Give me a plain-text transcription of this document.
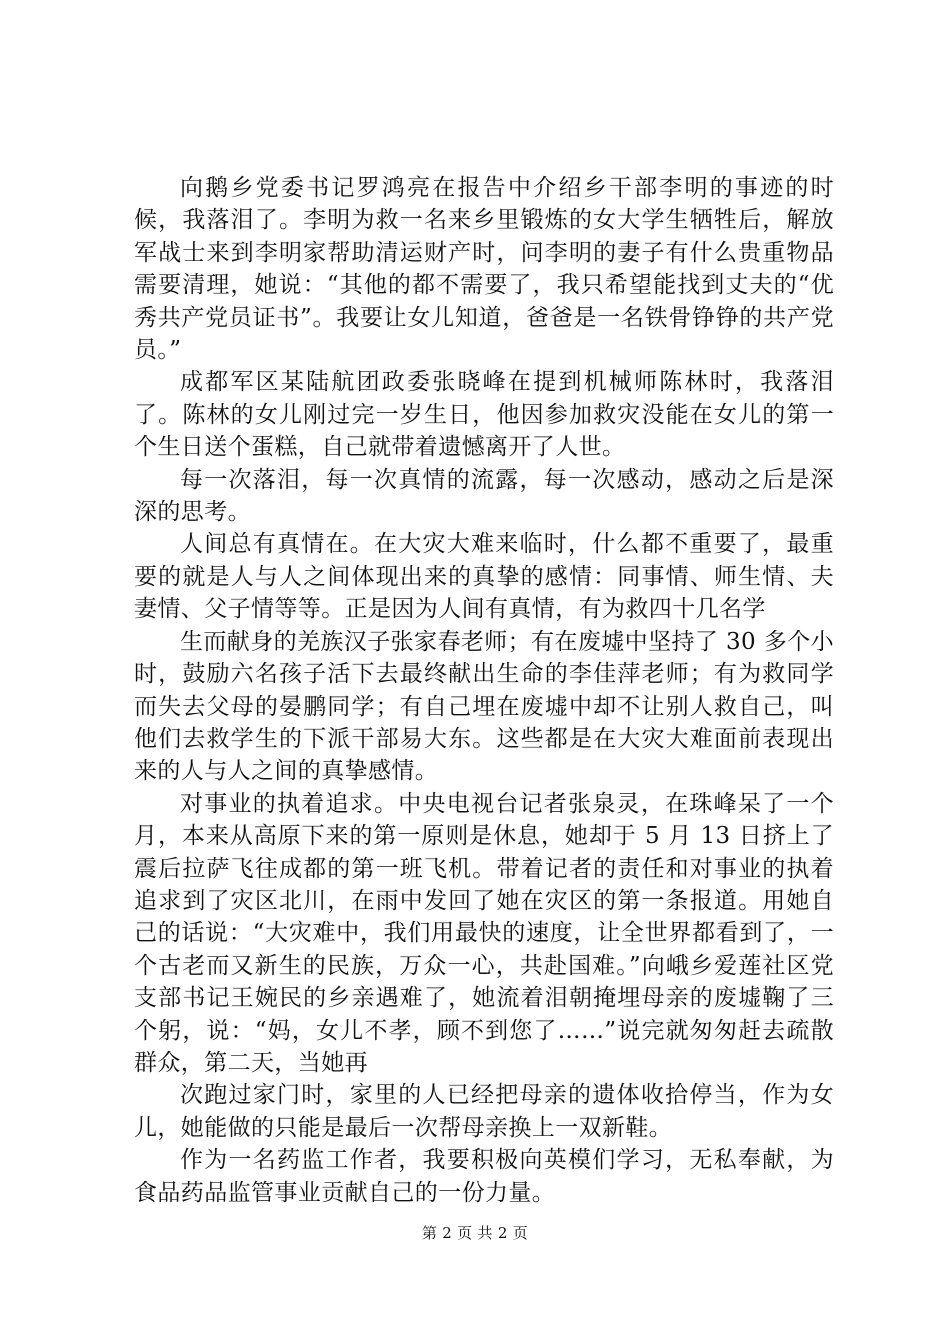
向鹅乡党委书记罗鸿亮在报告中介绍乡干部李明的事迹的时候，我落泪了。李明为救一名来乡里锻炼的女大学生牺牲后，解放军战士来到李明家帮助清运财产时，问李明的妻子有什么贵重物品需要清理，她说：“其他的都不需要了，我只希望能找到丈夫的“优秀共产党员证书”。我要让女儿知道，爸爸是一名铁骨铮铮的共产党员。”

成都军区某陆航团政委张晓峰在提到机械师陈林时，我落泪了。陈林的女儿刚过完一岁生日，他因参加救灾没能在女儿的第一个生日送个蛋糕，自己就带着遗憾离开了人世。

每一次落泪，每一次真情的流露，每一次感动，感动之后是深深的思考。

人间总有真情在。在大灾大难来临时，什么都不重要了，最重要的就是人与人之间体现出来的真挚的感情：同事情、师生情、夫妻情、父子情等等。正是因为人间有真情，有为救四十几名学

生而献身的羌族汉子张家春老师；有在废墟中坚持了 30 多个小时，鼓励六名孩子活下去最终献出生命的李佳萍老师；有为救同学而失去父母的晏鹏同学；有自己埋在废墟中却不让别人救自己，叫他们去救学生的下派干部易大东。这些都是在大灾大难面前表现出来的人与人之间的真挚感情。

对事业的执着追求。中央电视台记者张泉灵，在珠峰呆了一个月，本来从高原下来的第一原则是休息，她却于 5 月 13 日挤上了震后拉萨飞往成都的第一班飞机。带着记者的责任和对事业的执着追求到了灾区北川，在雨中发回了她在灾区的第一条报道。用她自己的话说：“大灾难中，我们用最快的速度，让全世界都看到了，一个古老而又新生的民族，万众一心，共赴国难。”向峨乡爱莲社区党支部书记王婉民的乡亲遇难了，她流着泪朝掩埋母亲的废墟鞠了三个躬，说：“妈，女儿不孝，顾不到您了……”说完就匆匆赶去疏散群众，第二天，当她再

次跑过家门时，家里的人已经把母亲的遗体收拾停当，作为女儿，她能做的只能是最后一次帮母亲换上一双新鞋。

作为一名药监工作者，我要积极向英模们学习，无私奉献，为食品药品监管事业贡献自己的一份力量。

第 2 页 共 2 页
